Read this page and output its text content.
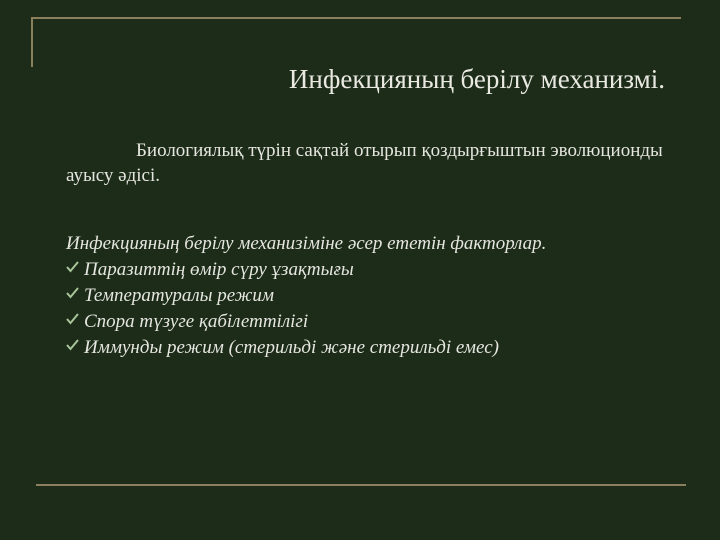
Инфекцияның берілу механизмі.
Биологиялық түрін сақтай отырып қоздырғыштын эволюционды ауысу әдісі.
Инфекцияның берілу механизіміне әсер ететін факторлар.
Паразиттің өмір сүру ұзақтығы
Температуралы режим
Спора түзуге қабілеттілігі
Иммунды режим (стерильді және стерильді емес)
